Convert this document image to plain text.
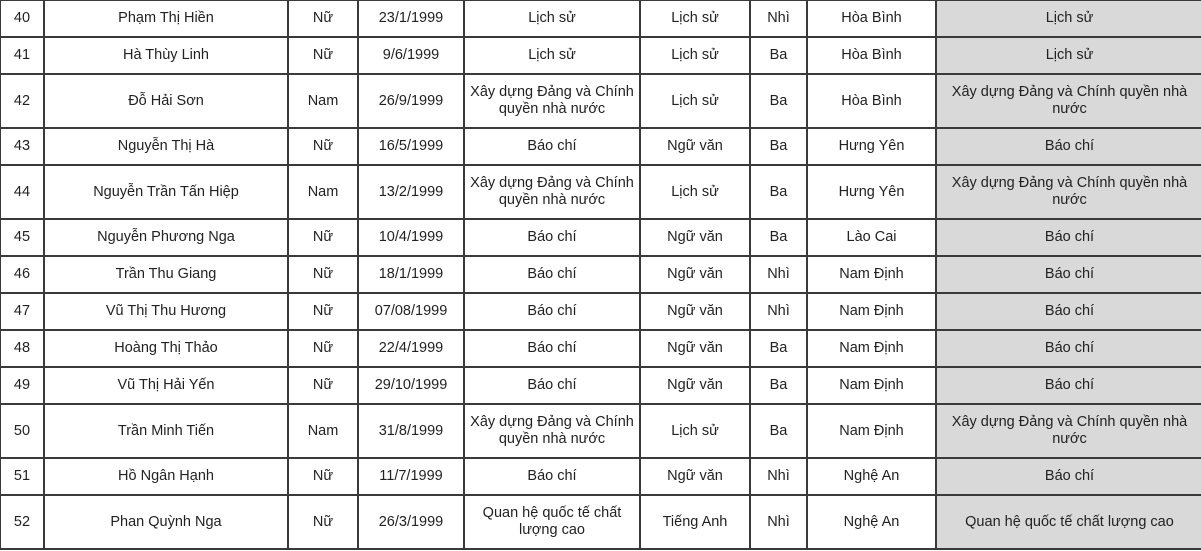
40	Phạm Thị Hiền	Nữ	23/1/1999	Lịch sử	Lịch sử	Nhì	Hòa Bình	Lịch sử
41	Hà Thùy Linh	Nữ	9/6/1999	Lịch sử	Lịch sử	Ba	Hòa Bình	Lịch sử
42	Đỗ Hải Sơn	Nam	26/9/1999	Xây dựng Đảng và Chính quyền nhà nước	Lịch sử	Ba	Hòa Bình	Xây dựng Đảng và Chính quyền nhà nước
43	Nguyễn Thị Hà	Nữ	16/5/1999	Báo chí	Ngữ văn	Ba	Hưng Yên	Báo chí
44	Nguyễn Trần Tấn Hiệp	Nam	13/2/1999	Xây dựng Đảng và Chính quyền nhà nước	Lịch sử	Ba	Hưng Yên	Xây dựng Đảng và Chính quyền nhà nước
45	Nguyễn Phương Nga	Nữ	10/4/1999	Báo chí	Ngữ văn	Ba	Lào Cai	Báo chí
46	Trần Thu Giang	Nữ	18/1/1999	Báo chí	Ngữ văn	Nhì	Nam Định	Báo chí
47	Vũ Thị Thu Hương	Nữ	07/08/1999	Báo chí	Ngữ văn	Nhì	Nam Định	Báo chí
48	Hoàng Thị Thảo	Nữ	22/4/1999	Báo chí	Ngữ văn	Ba	Nam Định	Báo chí
49	Vũ Thị Hải Yến	Nữ	29/10/1999	Báo chí	Ngữ văn	Ba	Nam Định	Báo chí
50	Trần Minh Tiến	Nam	31/8/1999	Xây dựng Đảng và Chính quyền nhà nước	Lịch sử	Ba	Nam Định	Xây dựng Đảng và Chính quyền nhà nước
51	Hồ Ngân Hạnh	Nữ	11/7/1999	Báo chí	Ngữ văn	Nhì	Nghệ An	Báo chí
52	Phan Quỳnh Nga	Nữ	26/3/1999	Quan hệ quốc tế chất lượng cao	Tiếng Anh	Nhì	Nghệ An	Quan hệ quốc tế chất lượng cao
